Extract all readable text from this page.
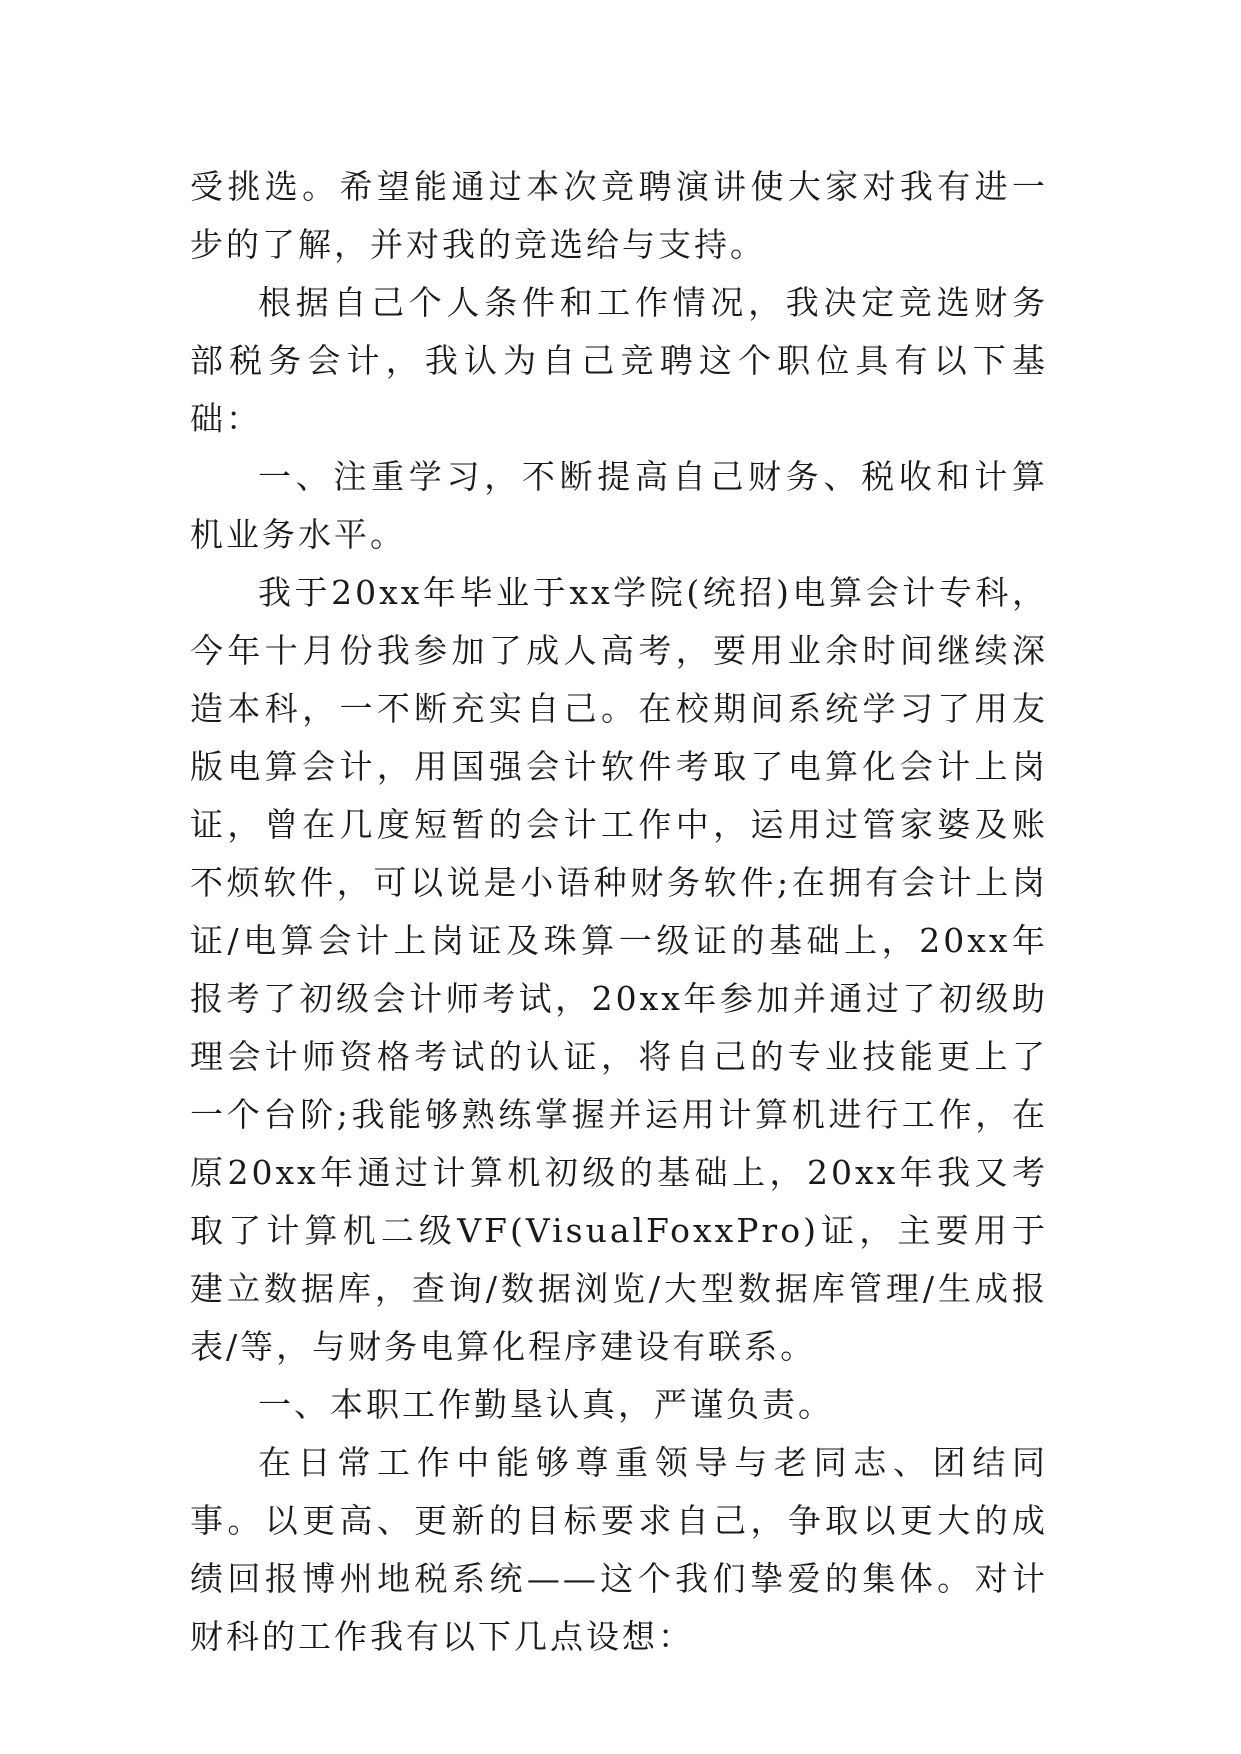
受挑选。希望能通过本次竞聘演讲使大家对我有进一步的了解，并对我的竞选给与支持。

根据自己个人条件和工作情况，我决定竞选财务部税务会计，我认为自己竞聘这个职位具有以下基础：

一、注重学习，不断提高自己财务、税收和计算机业务水平。

我于20xx年毕业于xx学院(统招)电算会计专科，今年十月份我参加了成人高考，要用业余时间继续深造本科，一不断充实自己。在校期间系统学习了用友版电算会计，用国强会计软件考取了电算化会计上岗证，曾在几度短暂的会计工作中，运用过管家婆及账不烦软件，可以说是小语种财务软件;在拥有会计上岗证/电算会计上岗证及珠算一级证的基础上，20xx年报考了初级会计师考试，20xx年参加并通过了初级助理会计师资格考试的认证，将自己的专业技能更上了一个台阶;我能够熟练掌握并运用计算机进行工作，在原20xx年通过计算机初级的基础上，20xx年我又考取了计算机二级VF(VisualFoxxPro)证，主要用于建立数据库，查询/数据浏览/大型数据库管理/生成报表/等，与财务电算化程序建设有联系。

一、本职工作勤垦认真，严谨负责。

在日常工作中能够尊重领导与老同志、团结同事。以更高、更新的目标要求自己，争取以更大的成绩回报博州地税系统——这个我们挚爱的集体。对计财科的工作我有以下几点设想：
